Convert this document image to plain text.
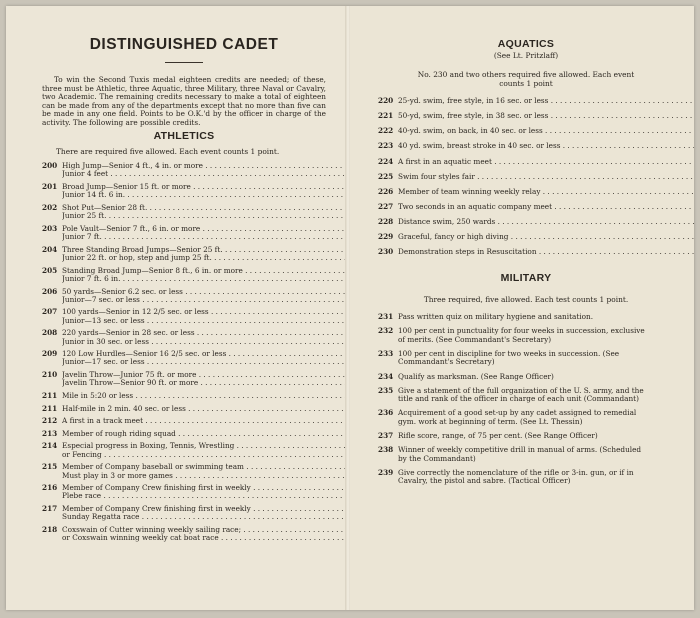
DISTINGUISHED CADET

To win the Second Tuxis medal eighteen credits are needed; of these, three must be Athletic, three Aquatic, three Military, three Naval or Cavalry, two Academic. The remaining credits necessary to make a total of eighteen can be made from any of the departments except that no more than five can be made in any one field. Points to be O.K.'d by the officer in charge of the activity. The following are possible credits.

ATHLETICS

There are required five allowed. Each event counts 1 point.

200 High Jump—Senior 4 ft., 4 in. or more . . .
Junior 4 feet . . .
201 Broad Jump—Senior 15 ft. or more . . .
Junior 14 ft. 6 in. . . .
202 Shot Put—Senior 28 ft. . . .
Junior 25 ft. . . .
203 Pole Vault—Senior 7 ft., 6 in. or more . . .
Junior 7 ft. . . .
204 Three Standing Broad Jumps—Senior 25 ft. . . .
Junior 22 ft. or hop, step and jump 25 ft. . . .
205 Standing Broad Jump—Senior 8 ft., 6 in. or more . . .
Junior 7 ft. 6 in. . . .
206 50 yards—Senior 6.2 sec. or less . . .
Junior—7 sec. or less . . .
207 100 yards—Senior in 12 2/5 sec. or less . . .
Junior—13 sec. or less . . .
208 220 yards—Senior in 28 sec. or less . . .
Junior in 30 sec. or less . . .
209 120 Low Hurdles—Senior 16 2/5 sec. or less . . .
Junior—17 sec. or less . . .
210 Javelin Throw—Junior 75 ft. or more . . .
Javelin Throw—Senior 90 ft. or more . . .
211 Mile in 5:20 or less . . .
211 Half-mile in 2 min. 40 sec. or less . . .
212 A first in a track meet . . .
213 Member of rough riding squad . . .
214 Especial progress in Boxing, Tennis, Wrestling . . .
or Fencing . . .
215 Member of Company baseball or swimming team . . .
Must play in 3 or more games . . .
216 Member of Company Crew finishing first in weekly . . .
Plebe race . . .
217 Member of Company Crew finishing first in weekly . . .
Sunday Regatta race . . .
218 Coxswain of Cutter winning weekly sailing race; . . .
or Coxswain winning weekly cat boat race . . .
AQUATICS
(See Lt. Pritzlaff)

No. 230 and two others required five allowed. Each event counts 1 point

220 25-yd. swim, free style, in 16 sec. or less . . .
221 50-yd, swim, free style, in 38 sec. or less . . .
222 40-yd. swim, on back, in 40 sec. or less . . .
223 40 yd. swim, breast stroke in 40 sec. or less . . .
224 A first in an aquatic meet . . .
225 Swim four styles fair . . .
226 Member of team winning weekly relay . . .
227 Two seconds in an aquatic company meet . . .
228 Distance swim, 250 wards . . .
229 Graceful, fancy or high diving . . .
230 Demonstration steps in Resuscitation . . .
MILITARY

Three required, five allowed. Each test counts 1 point.

231 Pass written quiz on military hygiene and sanitation.
232 100 per cent in punctuality for four weeks in succession, exclusive of merits. (See Commandant's Secretary)
233 100 per cent in discipline for two weeks in succession. (See Commandant's Secretary)
234 Qualify as marksman. (See Range Officer)
235 Give a statement of the full organization of the U. S. army, and the title and rank of the officer in charge of each unit (Commandant)
236 Acquirement of a good set-up by any cadet assigned to remedial gym. work at beginning of term. (See Lt. Thessin)
237 Rifle score, range, of 75 per cent. (See Range Officer)
238 Winner of weekly competitive drill in manual of arms. (Scheduled by the Commandant)
239 Give correctly the nomenclature of the rifle or 3-in. gun, or if in Cavalry, the pistol and sabre. (Tactical Officer)
